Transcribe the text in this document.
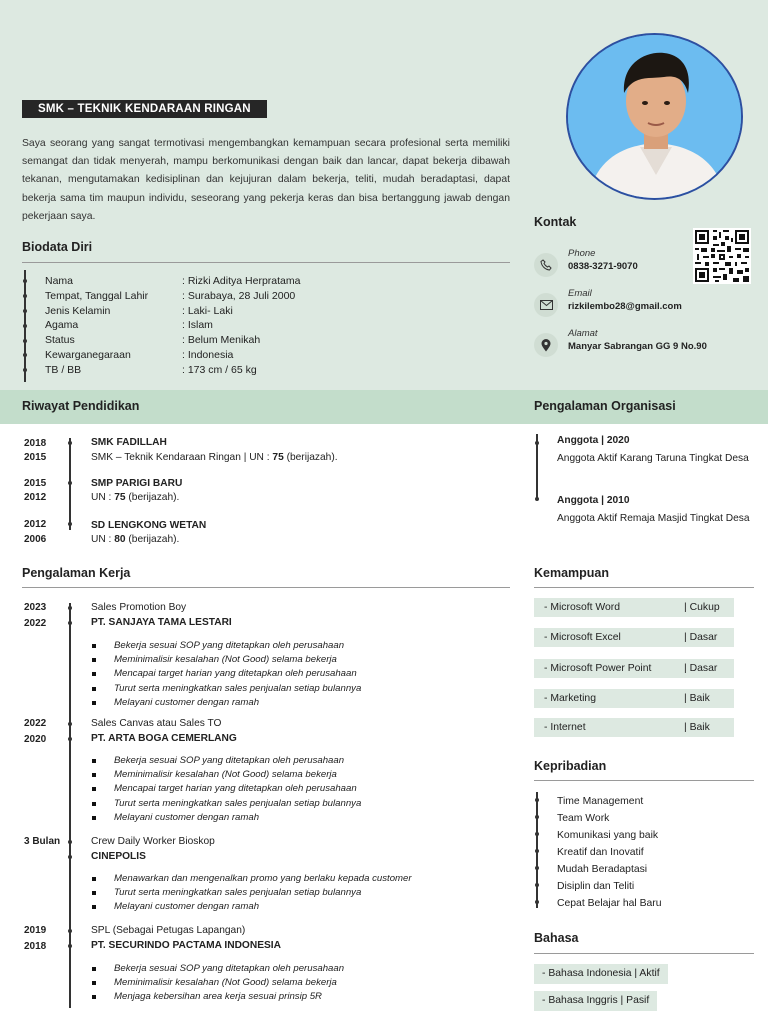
SMK – TEKNIK KENDARAAN RINGAN
Saya seorang yang sangat termotivasi mengembangkan kemampuan secara profesional serta memiliki semangat dan tidak menyerah, mampu berkomunikasi dengan baik dan lancar, dapat bekerja dibawah tekanan, mengutamakan kedisiplinan dan kejujuran dalam bekerja, teliti, mudah beradaptasi, dapat bekerja sama tim maupun individu, seseorang yang pekerja keras dan bisa bertanggung jawab dengan pekerjaan saya.
Biodata Diri
Nama	: Rizki Aditya Herpratama
Tempat, Tanggal Lahir	: Surabaya, 28 Juli 2000
Jenis Kelamin	: Laki- Laki
Agama	: Islam
Status	: Belum Menikah
Kewarganegaraan	: Indonesia
TB / BB	: 173 cm / 65 kg
Kontak
Phone
0838-3271-9070
Email
rizkilembo28@gmail.com
Alamat
Manyar Sabrangan GG 9 No.90
Riwayat Pendidikan	Pengalaman Organisasi
2018
2015
SMK FADILLAH
SMK – Teknik Kendaraan Ringan | UN : 75 (berijazah).
2015
2012
SMP PARIGI BARU
UN : 75 (berijazah).
2012
2006
SD LENGKONG WETAN
UN : 80 (berijazah).
Anggota | 2020
Anggota Aktif Karang Taruna Tingkat Desa
Anggota | 2010
Anggota Aktif Remaja Masjid Tingkat Desa
Pengalaman Kerja
2023
2022
Sales Promotion Boy
PT. SANJAYA TAMA LESTARI
Bekerja sesuai SOP yang ditetapkan oleh perusahaan
Meminimalisir kesalahan (Not Good) selama bekerja
Mencapai target harian yang ditetapkan oleh perusahaan
Turut serta meningkatkan sales penjualan setiap bulannya
Melayani customer dengan ramah
2022
2020
Sales Canvas atau Sales TO
PT. ARTA BOGA CEMERLANG
Bekerja sesuai SOP yang ditetapkan oleh perusahaan
Meminimalisir kesalahan (Not Good) selama bekerja
Mencapai target harian yang ditetapkan oleh perusahaan
Turut serta meningkatkan sales penjualan setiap bulannya
Melayani customer dengan ramah
3 Bulan	Crew Daily Worker Bioskop
CINEPOLIS
Menawarkan dan mengenalkan promo yang berlaku kepada customer
Turut serta meningkatkan sales penjualan setiap bulannya
Melayani customer dengan ramah
2019
2018
SPL (Sebagai Petugas Lapangan)
PT. SECURINDO PACTAMA INDONESIA
Bekerja sesuai SOP yang ditetapkan oleh perusahaan
Meminimalisir kesalahan (Not Good) selama bekerja
Menjaga kebersihan area kerja sesuai prinsip 5R
Kemampuan
- Microsoft Word	| Cukup
- Microsoft Excel	| Dasar
- Microsoft Power Point	| Dasar
- Marketing	| Baik
- Internet	| Baik
Kepribadian
Time Management
Team Work
Komunikasi yang baik
Kreatif dan Inovatif
Mudah Beradaptasi
Disiplin dan Teliti
Cepat Belajar hal Baru
Bahasa
- Bahasa Indonesia | Aktif
- Bahasa Inggris | Pasif
